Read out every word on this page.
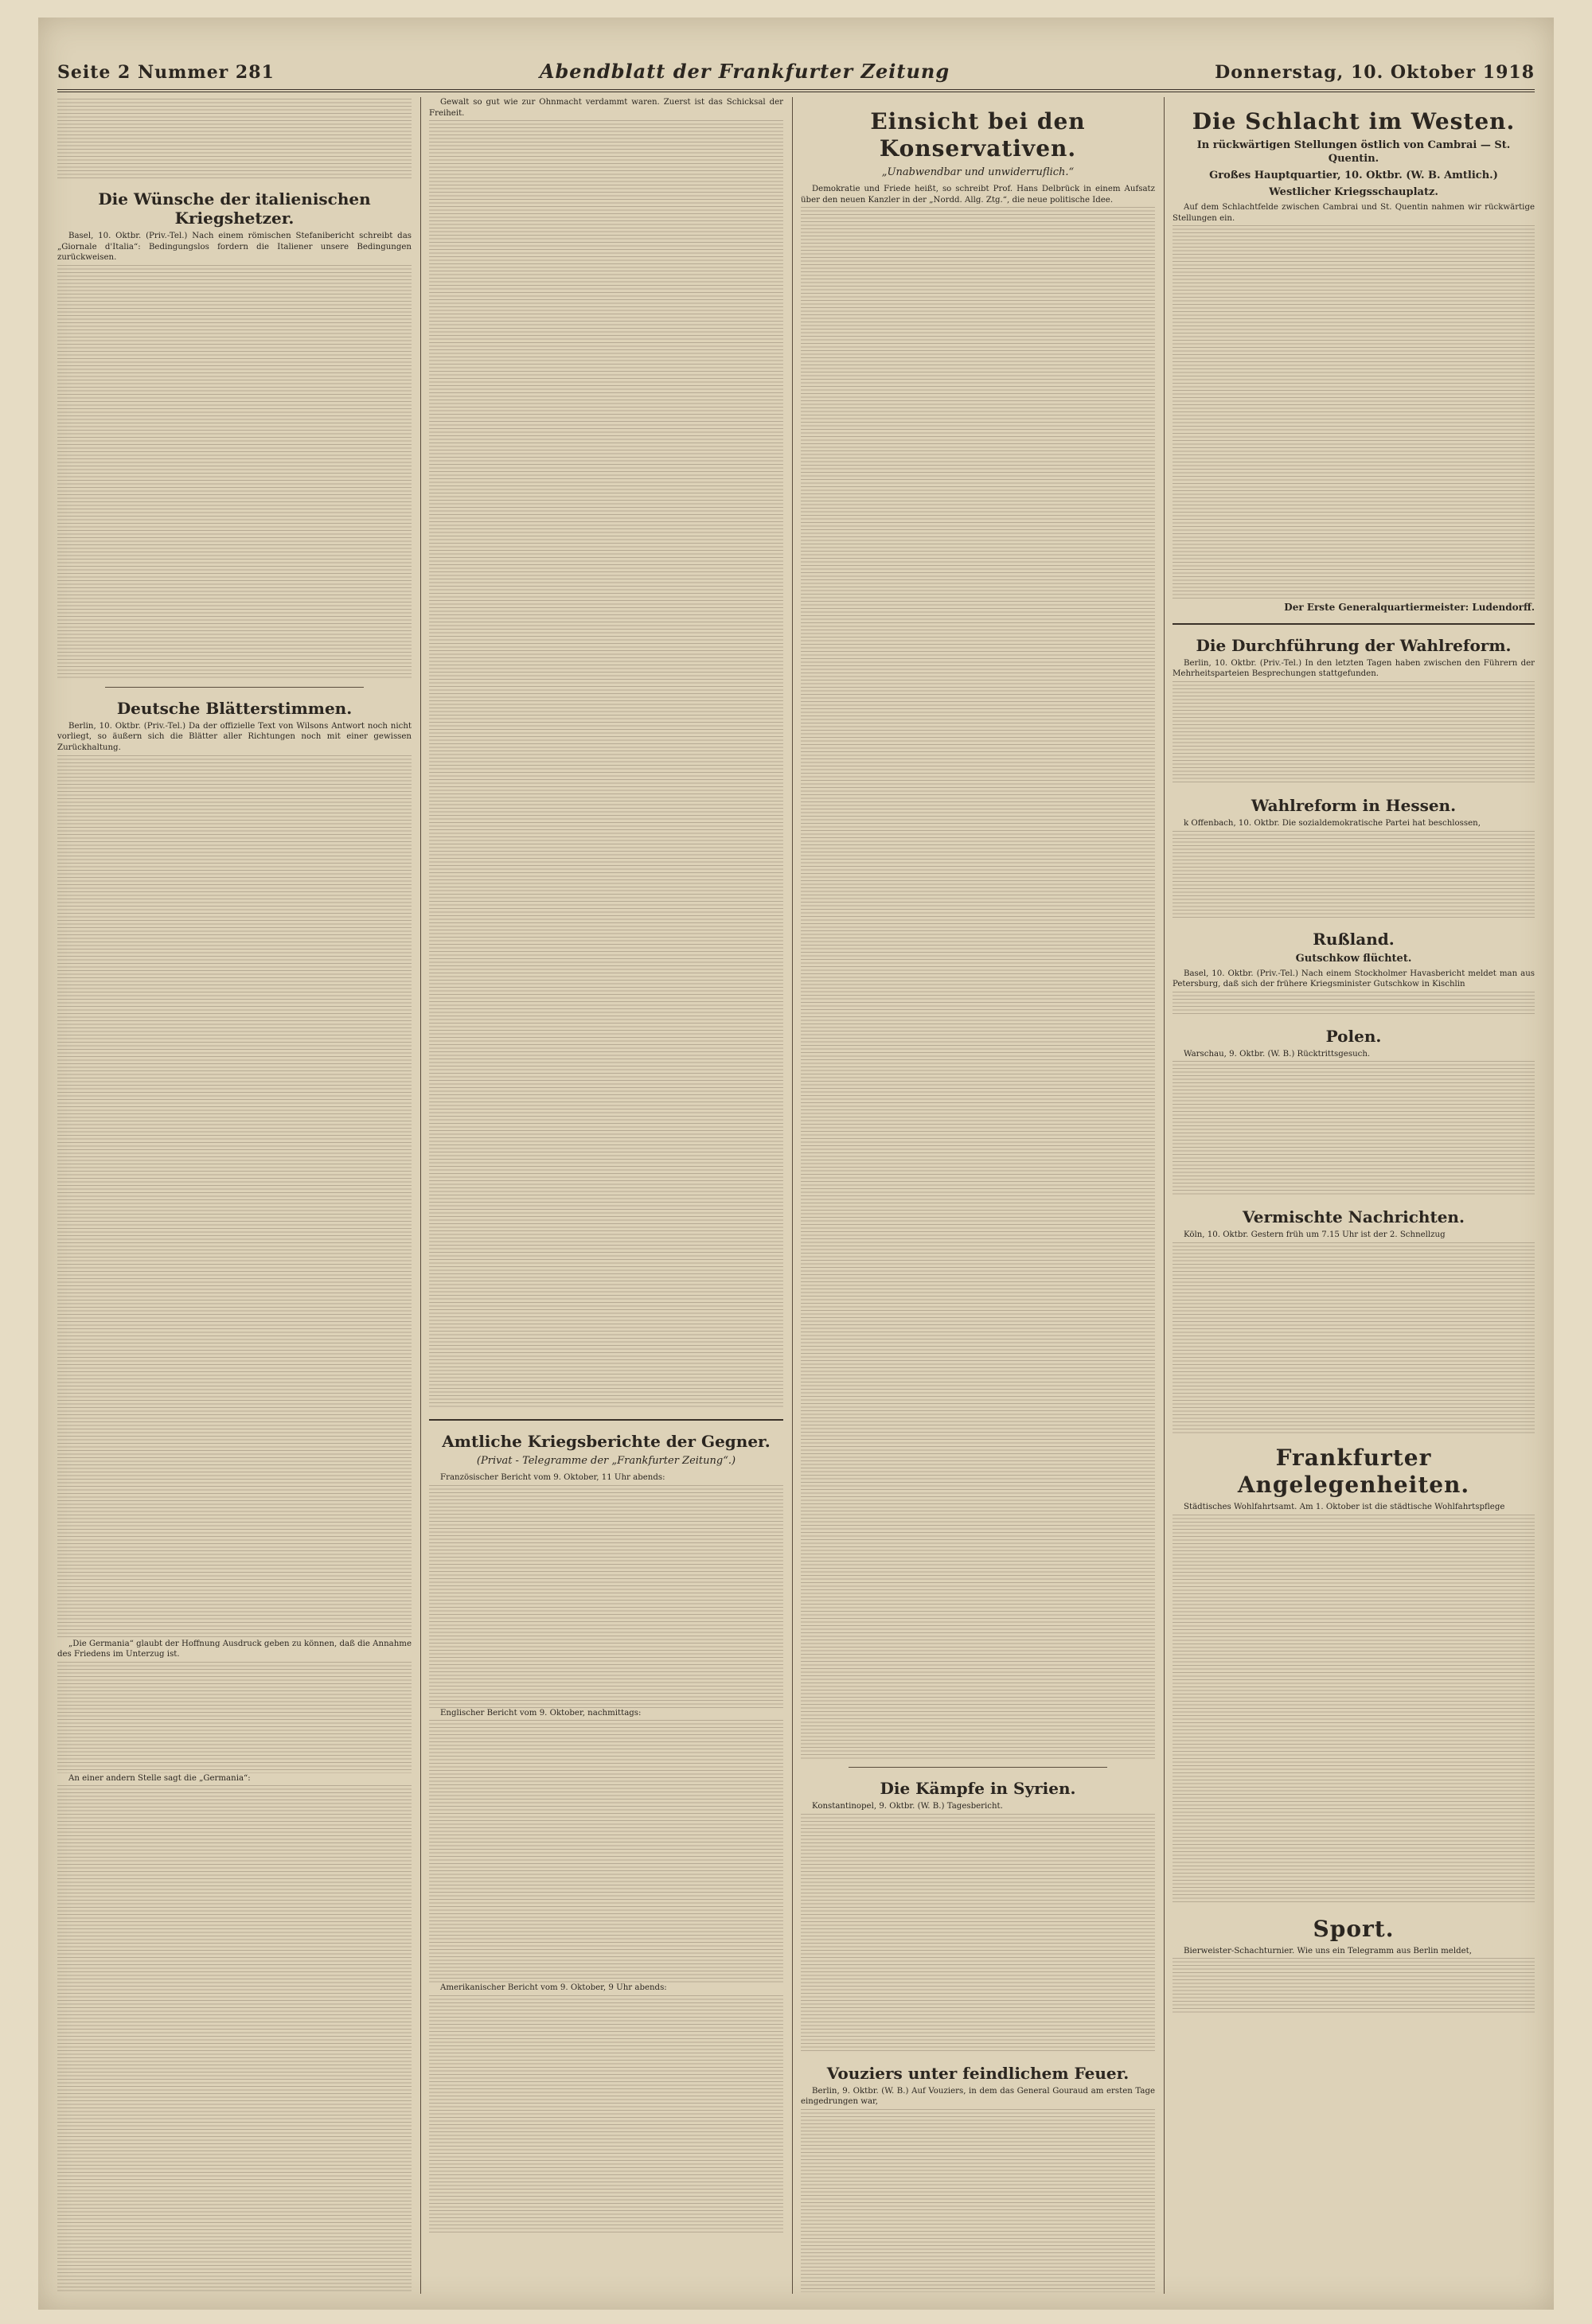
Seite 2 Nummer 281	Abendblatt der Frankfurter Zeitung	Donnerstag, 10. Oktober 1918
Die Wünsche der italienischen Kriegshetzer.

Basel, 10. Oktbr. (Priv.-Tel.) Nach einem römischen Stefanibericht schreibt das „Giornale d'Italia“: Bedingungslos fordern die Italiener unsere Bedingungen zurückweisen.

Deutsche Blätterstimmen.

Berlin, 10. Oktbr. (Priv.-Tel.) Da der offizielle Text von Wilsons Antwort noch nicht vorliegt, so äußern sich die Blätter aller Richtungen noch mit einer gewissen Zurückhaltung.

„Die Germania“ glaubt der Hoffnung Ausdruck geben zu können, daß die Annahme des Friedens im Unterzug ist.

An einer andern Stelle sagt die „Germania“:

Gewalt so gut wie zur Ohnmacht verdammt waren. Zuerst ist das Schicksal der Freiheit.

Amtliche Kriegsberichte der Gegner.
(Privat - Telegramme der „Frankfurter Zeitung“.)

Französischer Bericht vom 9. Oktober, 11 Uhr abends:

Englischer Bericht vom 9. Oktober, nachmittags:

Amerikanischer Bericht vom 9. Oktober, 9 Uhr abends:

Einsicht bei den Konservativen.
„Unabwendbar und unwiderruflich.“

Demokratie und Friede heißt, so schreibt Prof. Hans Delbrück in einem Aufsatz über den neuen Kanzler in der „Nordd. Allg. Ztg.“, die neue politische Idee.

Die Kämpfe in Syrien.

Konstantinopel, 9. Oktbr. (W. B.) Tagesbericht.

Vouziers unter feindlichem Feuer.

Berlin, 9. Oktbr. (W. B.) Auf Vouziers, in dem das General Gouraud am ersten Tage eingedrungen war,

Die Schlacht im Westen.
In rückwärtigen Stellungen östlich von Cambrai — St. Quentin.
Großes Hauptquartier, 10. Oktbr. (W. B. Amtlich.)
Westlicher Kriegsschauplatz.

Auf dem Schlachtfelde zwischen Cambrai und St. Quentin nahmen wir rückwärtige Stellungen ein.

Der Erste Generalquartiermeister: Ludendorff.
Die Durchführung der Wahlreform.

Berlin, 10. Oktbr. (Priv.-Tel.) In den letzten Tagen haben zwischen den Führern der Mehrheitsparteien Besprechungen stattgefunden.

Wahlreform in Hessen.

k Offenbach, 10. Oktbr. Die sozialdemokratische Partei hat beschlossen,

Rußland.
Gutschkow flüchtet.

Basel, 10. Oktbr. (Priv.-Tel.) Nach einem Stockholmer Havasbericht meldet man aus Petersburg, daß sich der frühere Kriegsminister Gutschkow in Kischlin

Polen.

Warschau, 9. Oktbr. (W. B.) Rücktrittsgesuch.

Vermischte Nachrichten.

Köln, 10. Oktbr. Gestern früh um 7.15 Uhr ist der 2. Schnellzug

Frankfurter Angelegenheiten.

Städtisches Wohlfahrtsamt. Am 1. Oktober ist die städtische Wohlfahrtspflege

Sport.

Bierweister-Schachturnier. Wie uns ein Telegramm aus Berlin meldet,
